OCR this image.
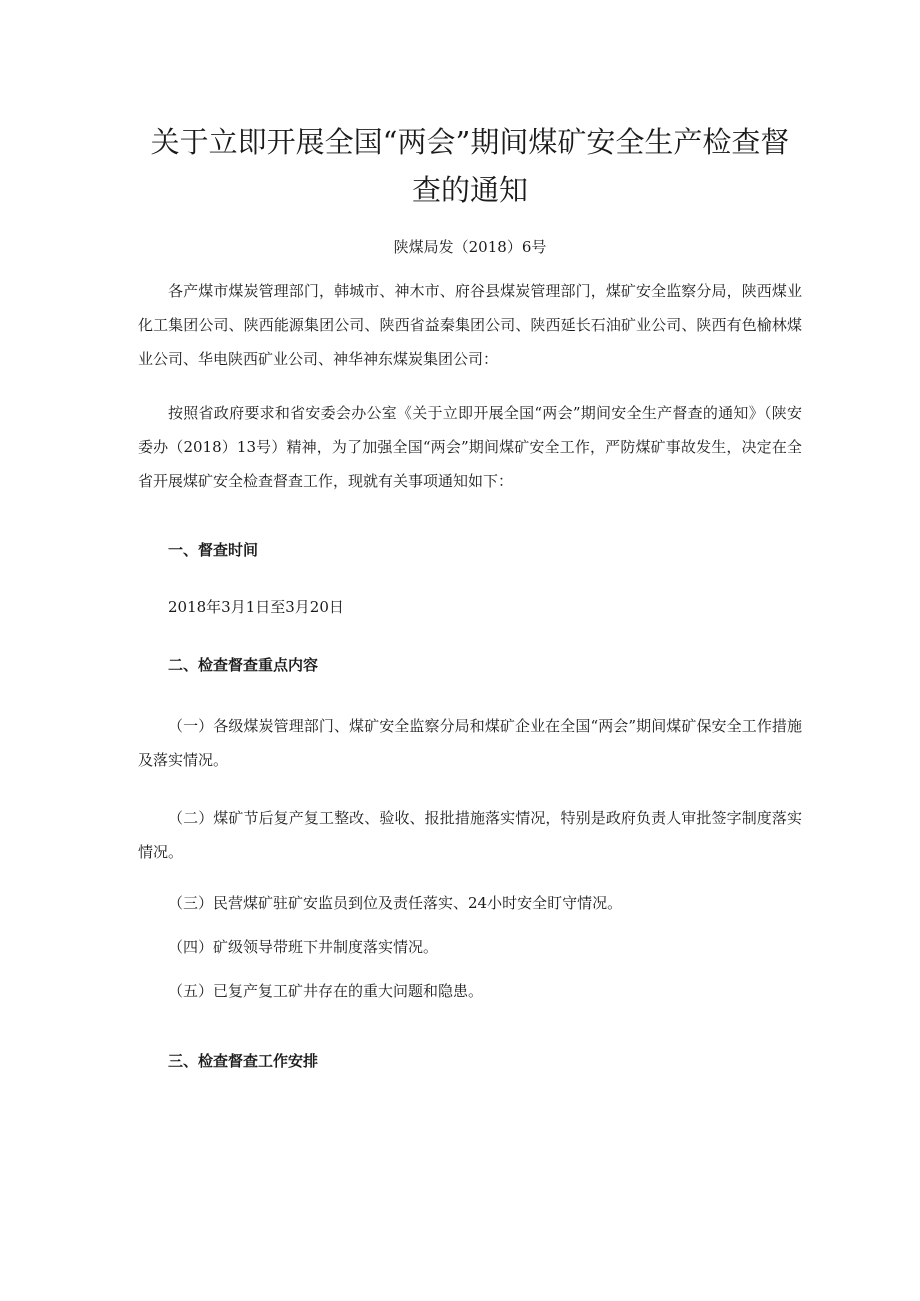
关于立即开展全国“两会”期间煤矿安全生产检查督查的通知

陕煤局发（2018）6号

各产煤市煤炭管理部门，韩城市、神木市、府谷县煤炭管理部门，煤矿安全监察分局，陕西煤业化工集团公司、陕西能源集团公司、陕西省益秦集团公司、陕西延长石油矿业公司、陕西有色榆林煤业公司、华电陕西矿业公司、神华神东煤炭集团公司：

按照省政府要求和省安委会办公室《关于立即开展全国“两会”期间安全生产督查的通知》（陕安委办（2018）13号）精神，为了加强全国“两会”期间煤矿安全工作，严防煤矿事故发生，决定在全省开展煤矿安全检查督查工作，现就有关事项通知如下：

一、督查时间

2018年3月1日至3月20日

二、检查督查重点内容

（一）各级煤炭管理部门、煤矿安全监察分局和煤矿企业在全国“两会”期间煤矿保安全工作措施及落实情况。

（二）煤矿节后复产复工整改、验收、报批措施落实情况，特别是政府负责人审批签字制度落实情况。

（三）民营煤矿驻矿安监员到位及责任落实、24小时安全盯守情况。

（四）矿级领导带班下井制度落实情况。

（五）已复产复工矿井存在的重大问题和隐患。

三、检查督查工作安排
